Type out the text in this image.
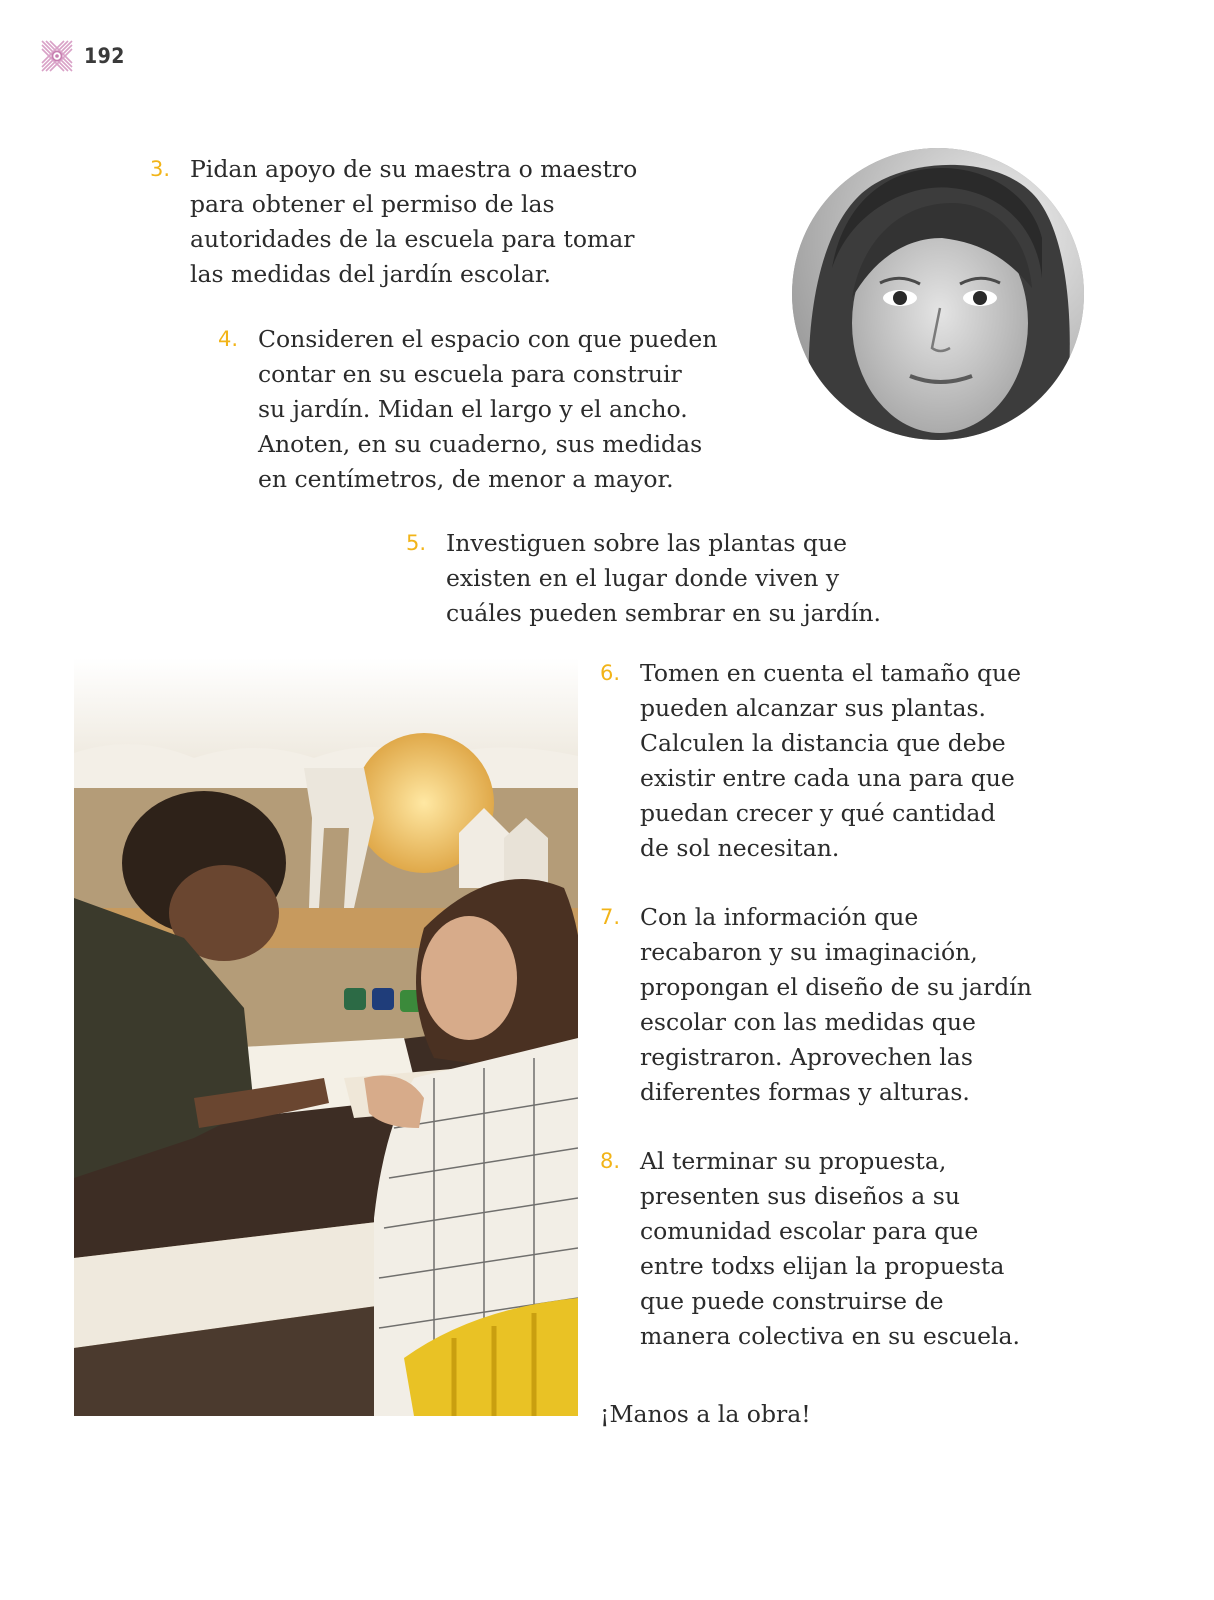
192
3. Pidan apoyo de su maestra o maestro
para obtener el permiso de las
autoridades de la escuela para tomar
las medidas del jardín escolar.
4. Consideren el espacio con que pueden
contar en su escuela para construir
su jardín. Midan el largo y el ancho.
Anoten, en su cuaderno, sus medidas
en centímetros, de menor a mayor.
5. Investiguen sobre las plantas que
existen en el lugar donde viven y
cuáles pueden sembrar en su jardín.
6. Tomen en cuenta el tamaño que
pueden alcanzar sus plantas.
Calculen la distancia que debe
existir entre cada una para que
puedan crecer y qué cantidad
de sol necesitan.
7. Con la información que
recabaron y su imaginación,
propongan el diseño de su jardín
escolar con las medidas que
registraron. Aprovechen las
diferentes formas y alturas.
8. Al terminar su propuesta,
presenten sus diseños a su
comunidad escolar para que
entre todxs elijan la propuesta
que puede construirse de
manera colectiva en su escuela.
¡Manos a la obra!
